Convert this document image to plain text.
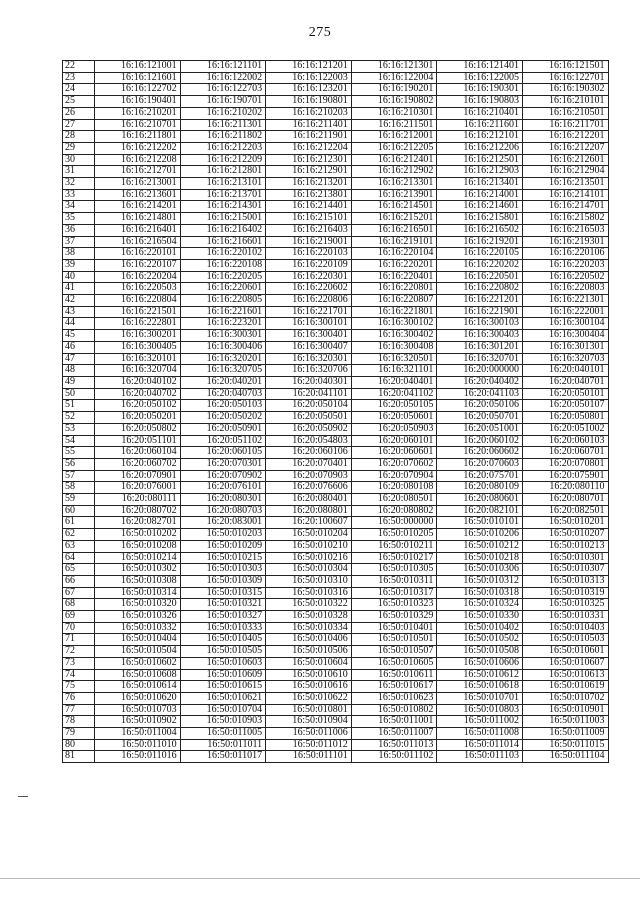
275
22	16:16:121001	16:16:121101	16:16:121201	16:16:121301	16:16:121401	16:16:121501
23	16:16:121601	16:16:122002	16:16:122003	16:16:122004	16:16:122005	16:16:122701
24	16:16:122702	16:16:122703	16:16:123201	16:16:190201	16:16:190301	16:16:190302
25	16:16:190401	16:16:190701	16:16:190801	16:16:190802	16:16:190803	16:16:210101
26	16:16:210201	16:16:210202	16:16:210203	16:16:210301	16:16:210401	16:16:210501
27	16:16:210701	16:16:211301	16:16:211401	16:16:211501	16:16:211601	16:16:211701
28	16:16:211801	16:16:211802	16:16:211901	16:16:212001	16:16:212101	16:16:212201
29	16:16:212202	16:16:212203	16:16:212204	16:16:212205	16:16:212206	16:16:212207
30	16:16:212208	16:16:212209	16:16:212301	16:16:212401	16:16:212501	16:16:212601
31	16:16:212701	16:16:212801	16:16:212901	16:16:212902	16:16:212903	16:16:212904
32	16:16:213001	16:16:213101	16:16:213201	16:16:213301	16:16:213401	16:16:213501
33	16:16:213601	16:16:213701	16:16:213801	16:16:213901	16:16:214001	16:16:214101
34	16:16:214201	16:16:214301	16:16:214401	16:16:214501	16:16:214601	16:16:214701
35	16:16:214801	16:16:215001	16:16:215101	16:16:215201	16:16:215801	16:16:215802
36	16:16:216401	16:16:216402	16:16:216403	16:16:216501	16:16:216502	16:16:216503
37	16:16:216504	16:16:216601	16:16:219001	16:16:219101	16:16:219201	16:16:219301
38	16:16:220101	16:16:220102	16:16:220103	16:16:220104	16:16:220105	16:16:220106
39	16:16:220107	16:16:220108	16:16:220109	16:16:220201	16:16:220202	16:16:220203
40	16:16:220204	16:16:220205	16:16:220301	16:16:220401	16:16:220501	16:16:220502
41	16:16:220503	16:16:220601	16:16:220602	16:16:220801	16:16:220802	16:16:220803
42	16:16:220804	16:16:220805	16:16:220806	16:16:220807	16:16:221201	16:16:221301
43	16:16:221501	16:16:221601	16:16:221701	16:16:221801	16:16:221901	16:16:222001
44	16:16:222801	16:16:223201	16:16:300101	16:16:300102	16:16:300103	16:16:300104
45	16:16:300201	16:16:300301	16:16:300401	16:16:300402	16:16:300403	16:16:300404
46	16:16:300405	16:16:300406	16:16:300407	16:16:300408	16:16:301201	16:16:301301
47	16:16:320101	16:16:320201	16:16:320301	16:16:320501	16:16:320701	16:16:320703
48	16:16:320704	16:16:320705	16:16:320706	16:16:321101	16:20:000000	16:20:040101
49	16:20:040102	16:20:040201	16:20:040301	16:20:040401	16:20:040402	16:20:040701
50	16:20:040702	16:20:040703	16:20:041101	16:20:041102	16:20:041103	16:20:050101
51	16:20:050102	16:20:050103	16:20:050104	16:20:050105	16:20:050106	16:20:050107
52	16:20:050201	16:20:050202	16:20:050501	16:20:050601	16:20:050701	16:20:050801
53	16:20:050802	16:20:050901	16:20:050902	16:20:050903	16:20:051001	16:20:051002
54	16:20:051101	16:20:051102	16:20:054803	16:20:060101	16:20:060102	16:20:060103
55	16:20:060104	16:20:060105	16:20:060106	16:20:060601	16:20:060602	16:20:060701
56	16:20:060702	16:20:070301	16:20:070401	16:20:070602	16:20:070603	16:20:070801
57	16:20:070901	16:20:070902	16:20:070903	16:20:070904	16:20:075701	16:20:075901
58	16:20:076001	16:20:076101	16:20:076606	16:20:080108	16:20:080109	16:20:080110
59	16:20:080111	16:20:080301	16:20:080401	16:20:080501	16:20:080601	16:20:080701
60	16:20:080702	16:20:080703	16:20:080801	16:20:080802	16:20:082101	16:20:082501
61	16:20:082701	16:20:083001	16:20:100607	16:50:000000	16:50:010101	16:50:010201
62	16:50:010202	16:50:010203	16:50:010204	16:50:010205	16:50:010206	16:50:010207
63	16:50:010208	16:50:010209	16:50:010210	16:50:010211	16:50:010212	16:50:010213
64	16:50:010214	16:50:010215	16:50:010216	16:50:010217	16:50:010218	16:50:010301
65	16:50:010302	16:50:010303	16:50:010304	16:50:010305	16:50:010306	16:50:010307
66	16:50:010308	16:50:010309	16:50:010310	16:50:010311	16:50:010312	16:50:010313
67	16:50:010314	16:50:010315	16:50:010316	16:50:010317	16:50:010318	16:50:010319
68	16:50:010320	16:50:010321	16:50:010322	16:50:010323	16:50:010324	16:50:010325
69	16:50:010326	16:50:010327	16:50:010328	16:50:010329	16:50:010330	16:50:010331
70	16:50:010332	16:50:010333	16:50:010334	16:50:010401	16:50:010402	16:50:010403
71	16:50:010404	16:50:010405	16:50:010406	16:50:010501	16:50:010502	16:50:010503
72	16:50:010504	16:50:010505	16:50:010506	16:50:010507	16:50:010508	16:50:010601
73	16:50:010602	16:50:010603	16:50:010604	16:50:010605	16:50:010606	16:50:010607
74	16:50:010608	16:50:010609	16:50:010610	16:50:010611	16:50:010612	16:50:010613
75	16:50:010614	16:50:010615	16:50:010616	16:50:010617	16:50:010618	16:50:010619
76	16:50:010620	16:50:010621	16:50:010622	16:50:010623	16:50:010701	16:50:010702
77	16:50:010703	16:50:010704	16:50:010801	16:50:010802	16:50:010803	16:50:010901
78	16:50:010902	16:50:010903	16:50:010904	16:50:011001	16:50:011002	16:50:011003
79	16:50:011004	16:50:011005	16:50:011006	16:50:011007	16:50:011008	16:50:011009
80	16:50:011010	16:50:011011	16:50:011012	16:50:011013	16:50:011014	16:50:011015
81	16:50:011016	16:50:011017	16:50:011101	16:50:011102	16:50:011103	16:50:011104
